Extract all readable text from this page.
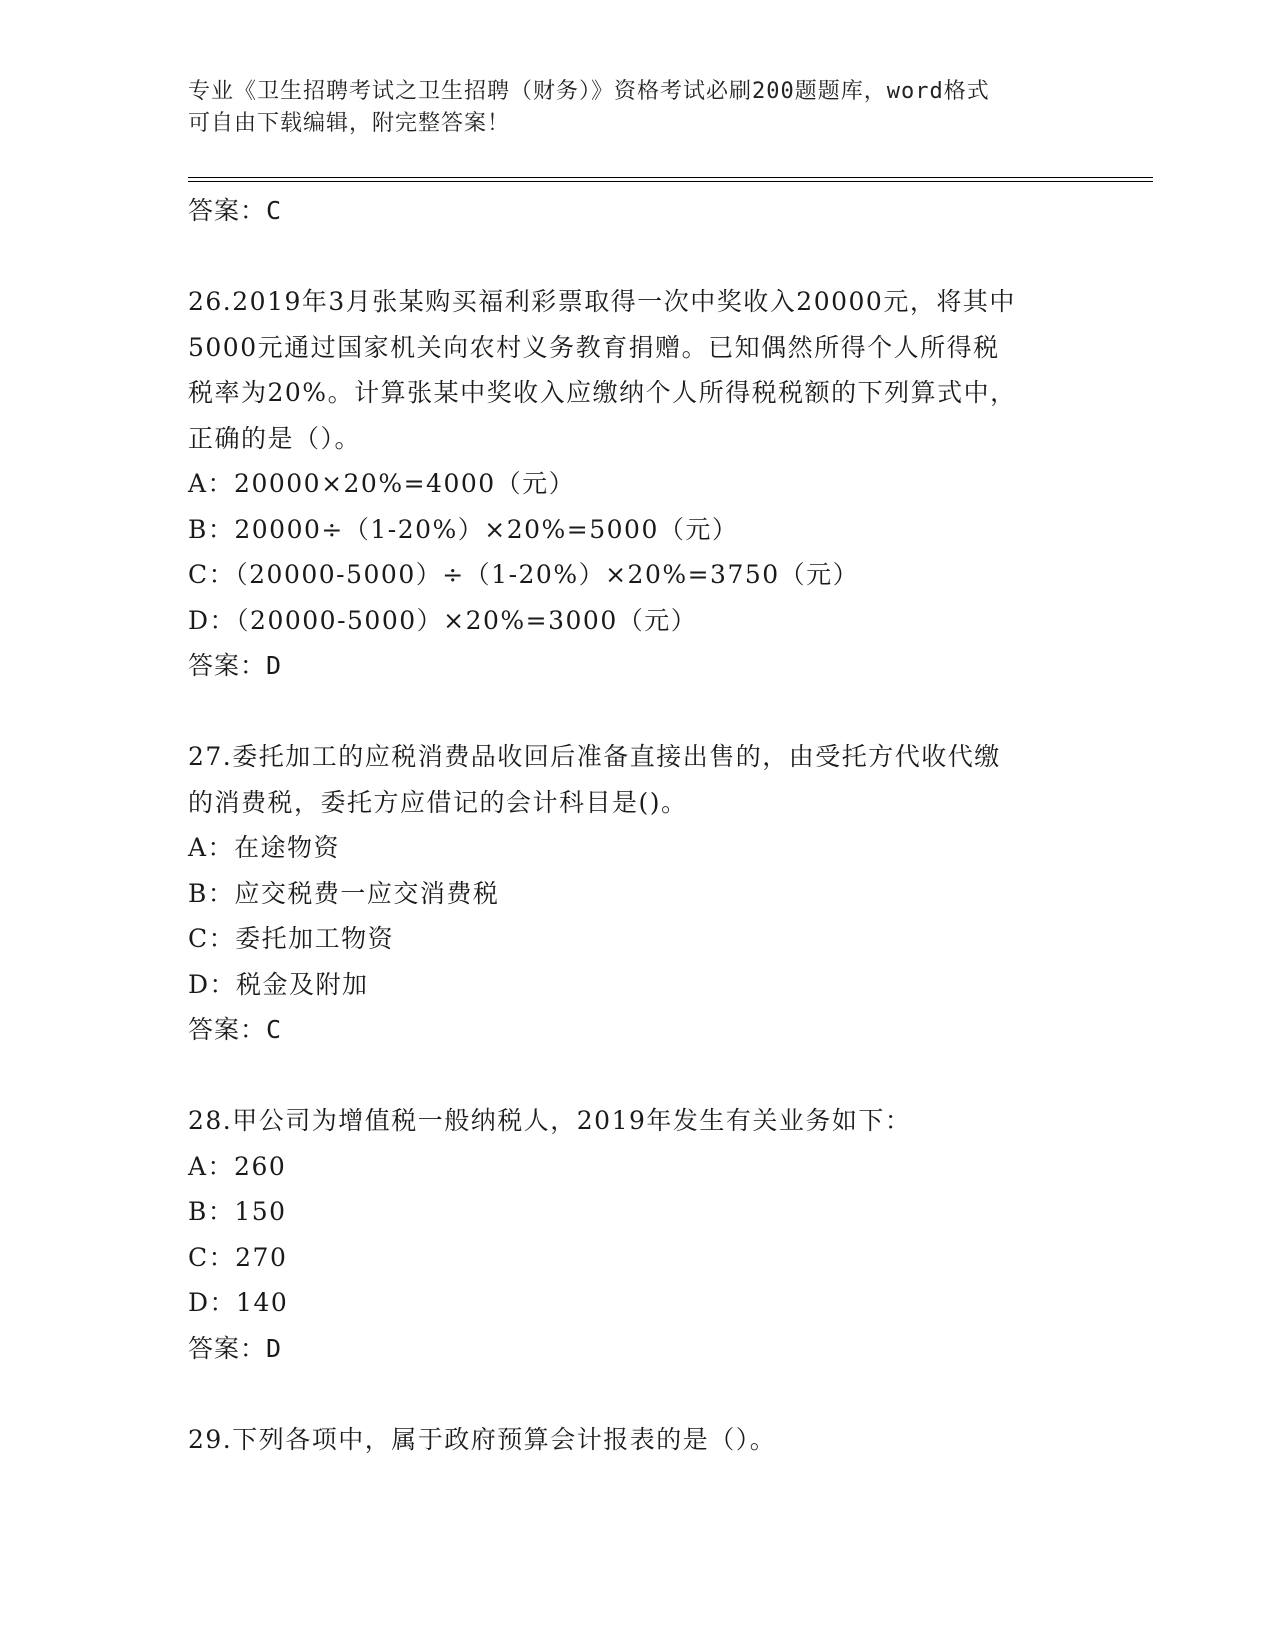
专业《卫生招聘考试之卫生招聘（财务）》资格考试必刷200题题库，word格式
可自由下载编辑，附完整答案！
答案：C
26.2019年3月张某购买福利彩票取得一次中奖收入20000元，将其中
5000元通过国家机关向农村义务教育捐赠。已知偶然所得个人所得税
税率为20%。计算张某中奖收入应缴纳个人所得税税额的下列算式中，
正确的是（）。
A：20000×20%=4000（元）
B：20000÷（1-20%）×20%=5000（元）
C：（20000-5000）÷（1-20%）×20%=3750（元）
D：（20000-5000）×20%=3000（元）
答案：D
27.委托加工的应税消费品收回后准备直接出售的，由受托方代收代缴
的消费税，委托方应借记的会计科目是()。
A：在途物资
B：应交税费一应交消费税
C：委托加工物资
D：税金及附加
答案：C
28.甲公司为增值税一般纳税人，2019年发生有关业务如下：
A：260
B：150
C：270
D：140
答案：D
29.下列各项中，属于政府预算会计报表的是（）。
